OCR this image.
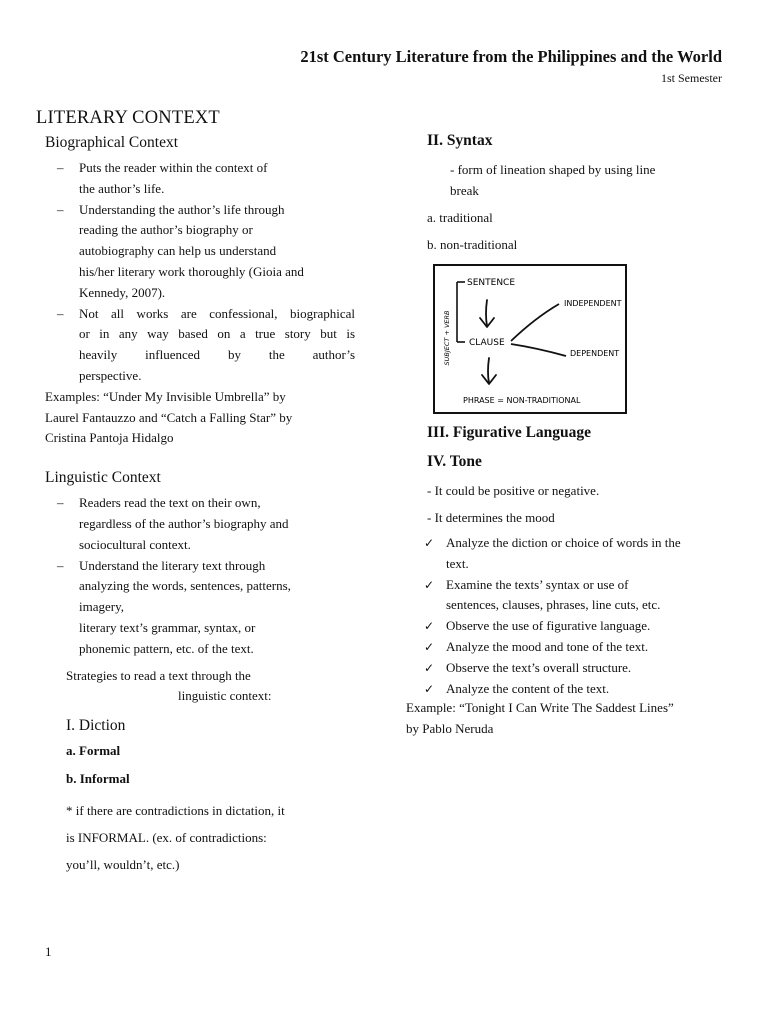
21st Century Literature from the Philippines and the World
1st Semester
LITERARY CONTEXT
Biographical Context
–	Puts the reader within the context of
the author’s life.
–	Understanding the author’s life through
reading the author’s biography or
autobiography can help us understand
his/her literary work thoroughly (Gioia and
Kennedy, 2007).
–	Not all works are confessional, biographical
or in any way based on a true story but is
heavily influenced by the author’s
perspective.
Examples: “Under My Invisible Umbrella” by
Laurel Fantauzzo and “Catch a Falling Star” by
Cristina Pantoja Hidalgo
Linguistic Context
–	Readers read the text on their own,
regardless of the author’s biography and
sociocultural context.
–	Understand the literary text through
analyzing the words, sentences, patterns,
imagery,
literary text’s grammar, syntax, or
phonemic pattern, etc. of the text.
Strategies to read a text through the
linguistic context:
I. Diction
a. Formal
b. Informal
* if there are contradictions in dictation, it
is INFORMAL. (ex. of contradictions:
you’ll, wouldn’t, etc.)
II. Syntax
- form of lineation shaped by using line
break
a. traditional
b. non-traditional
SUBJECT + VERB
SENTENCE
INDEPENDENT
CLAUSE
DEPENDENT
PHRASE = NON-TRADITIONAL
III. Figurative Language
IV. Tone
- It could be positive or negative.
- It determines the mood
✓ Analyze the diction or choice of words in the
text.
✓ Examine the texts’ syntax or use of
sentences, clauses, phrases, line cuts, etc.
✓ Observe the use of figurative language.
✓ Analyze the mood and tone of the text.
✓ Observe the text’s overall structure.
✓ Analyze the content of the text.
Example: “Tonight I Can Write The Saddest Lines”
by Pablo Neruda
1
